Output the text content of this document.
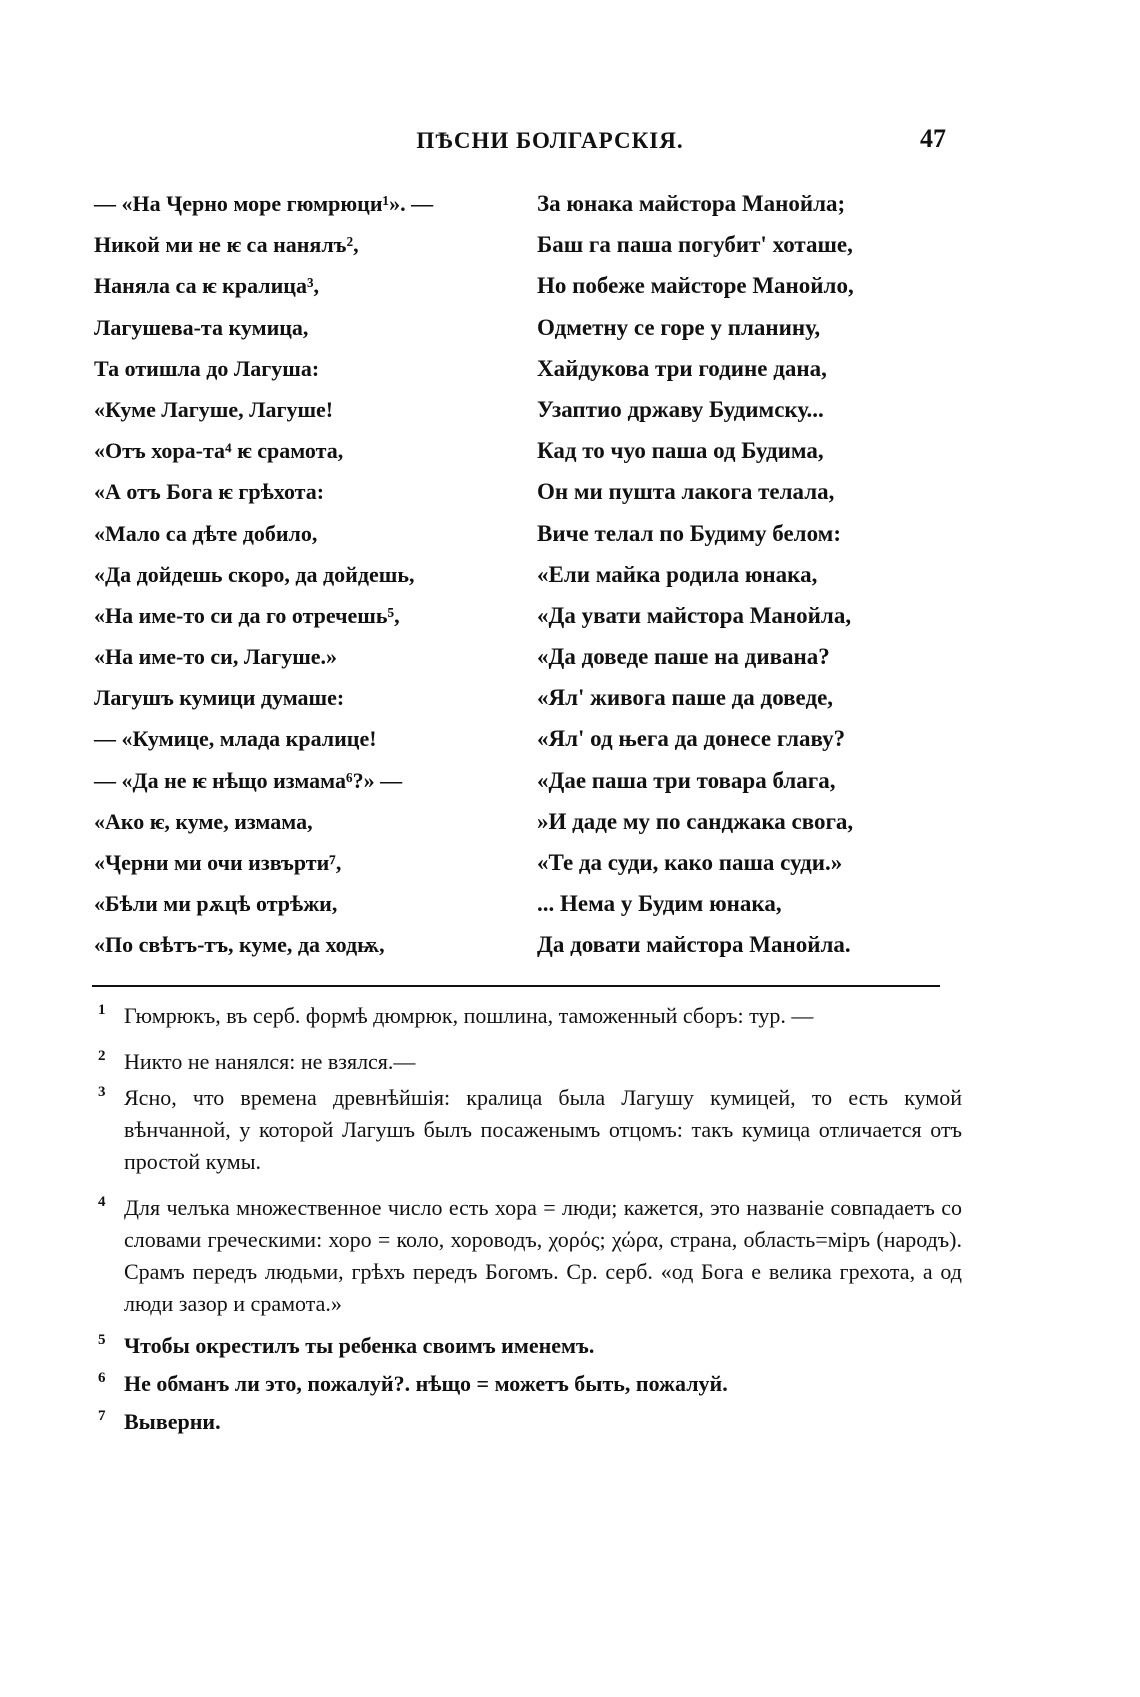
ПѢСНИ БОЛГАРСКІЯ.	47
— «На Ҷерно море гюмрюци¹». —
Никой ми не ѥ са нанялъ²,
Наняла са ѥ кралица³,
Лагушева-та кумица,
Та отишла до Лагуша:
«Куме Лагуше, Лагуше!
«Отъ хора-та⁴ ѥ срамота,
«А отъ Бога ѥ грѣхота:
«Мало са дѣте добило,
«Да дойдешь скоро, да дойдешь,
«На име-то си да го отречешь⁵,
«На име-то си, Лагуше.»
Лагушъ кумици думаше:
— «Кумице, млада кралице!
— «Да не ѥ нѣщо измама⁶?» —
«Ако ѥ, куме, измама,
«Ҷерни ми очи извърти⁷,
«Бѣли ми рѫцѣ отрѣжи,
«По свѣтъ-тъ, куме, да ходѭ,
За юнака майстора Манойла;
Баш га паша погубит' хоташе,
Но побеже майсторе Манойло,
Одметну се горе у планину,
Хайдукова три године дана,
Узаптио државу Будимску...
Кад то чуо паша од Будима,
Он ми пушта лакога телала,
Виче телал по Будиму белом:
«Ели майка родила юнака,
«Да увати майстора Манойла,
«Да доведе паше на дивана?
«Ял' живога паше да доведе,
«Ял' од њега да донесе главу?
«Дае паша три товара блага,
»И даде му по санджака свога,
«Те да суди, како паша суди.»
... Нема у Будим юнака,
Да довати майстора Манойла.
1 Гюмрюкъ, въ серб. формѣ дюмрюк, пошлина, таможенный сборъ: тур. —
2 Никто не нанялся: не взялся.—
3 Ясно, что времена древнѣйшія: кралица была Лагушу кумицей, то есть кумой вѣнчанной, у которой Лагушъ былъ посаженымъ отцомъ: такъ кумица отличается отъ простой кумы.
4 Для челъка множественное число есть хора = люди; кажется, это названіе совпадаетъ со словами греческими: хоро = коло, хороводъ, χορός; χώρα, страна, область=міръ (народъ). Срамъ передъ людьми, грѣхъ передъ Богомъ. Ср. серб. «од Бога е велика грехота, а од люди зазор и срамота.»
5 Чтобы окрестилъ ты ребенка своимъ именемъ.
6 Не обманъ ли это, пожалуй?. нѣщо = можетъ быть, пожалуй.
7 Выверни.
